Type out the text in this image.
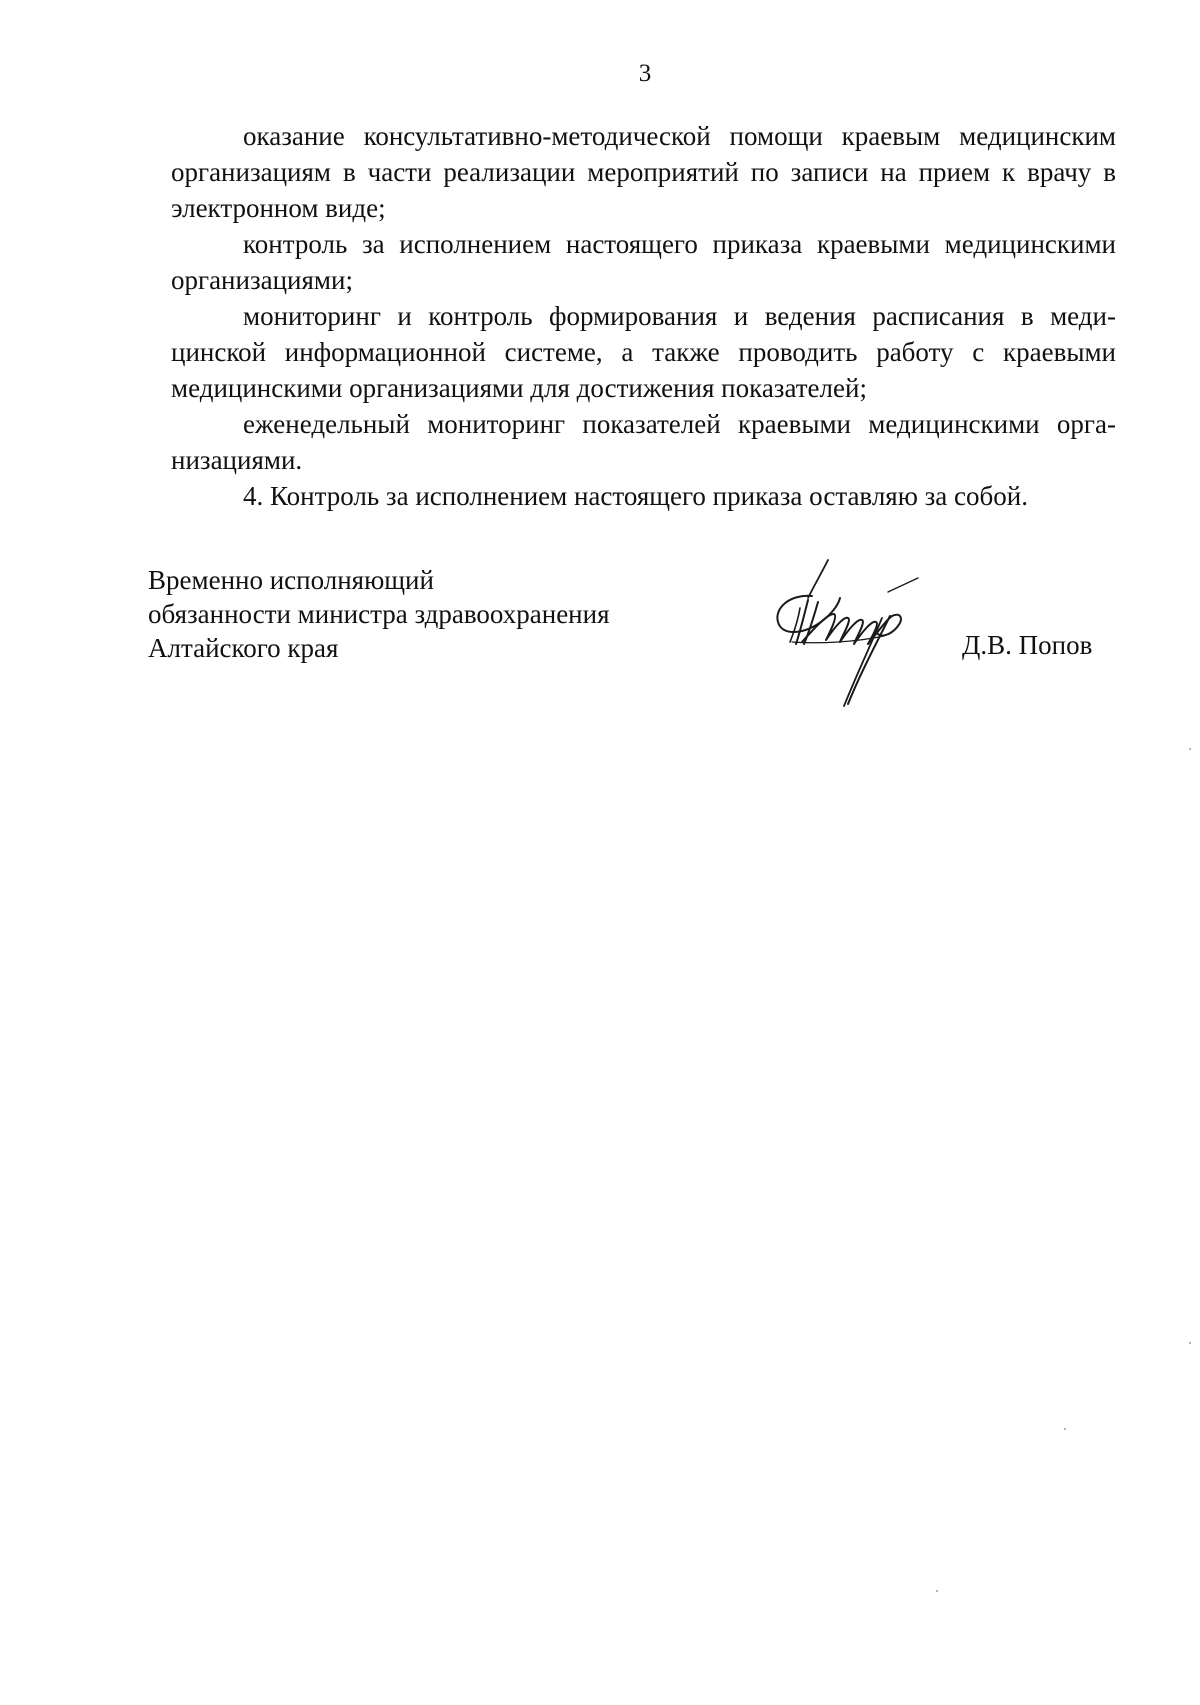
3

оказание консультативно-методической помощи краевым медицинским организациям в части реализации мероприятий по записи на прием к врачу в электронном виде;

контроль за исполнением настоящего приказа краевыми медицинскими организациями;

мониторинг и контроль формирования и ведения расписания в медицинской информационной системе, а также проводить работу с краевыми медицинскими организациями для достижения показателей;

еженедельный мониторинг показателей краевыми медицинскими организациями.

4. Контроль за исполнением настоящего приказа оставляю за собой.

Временно исполняющий
обязанности министра здравоохранения
Алтайского края	Д.В. Попов
